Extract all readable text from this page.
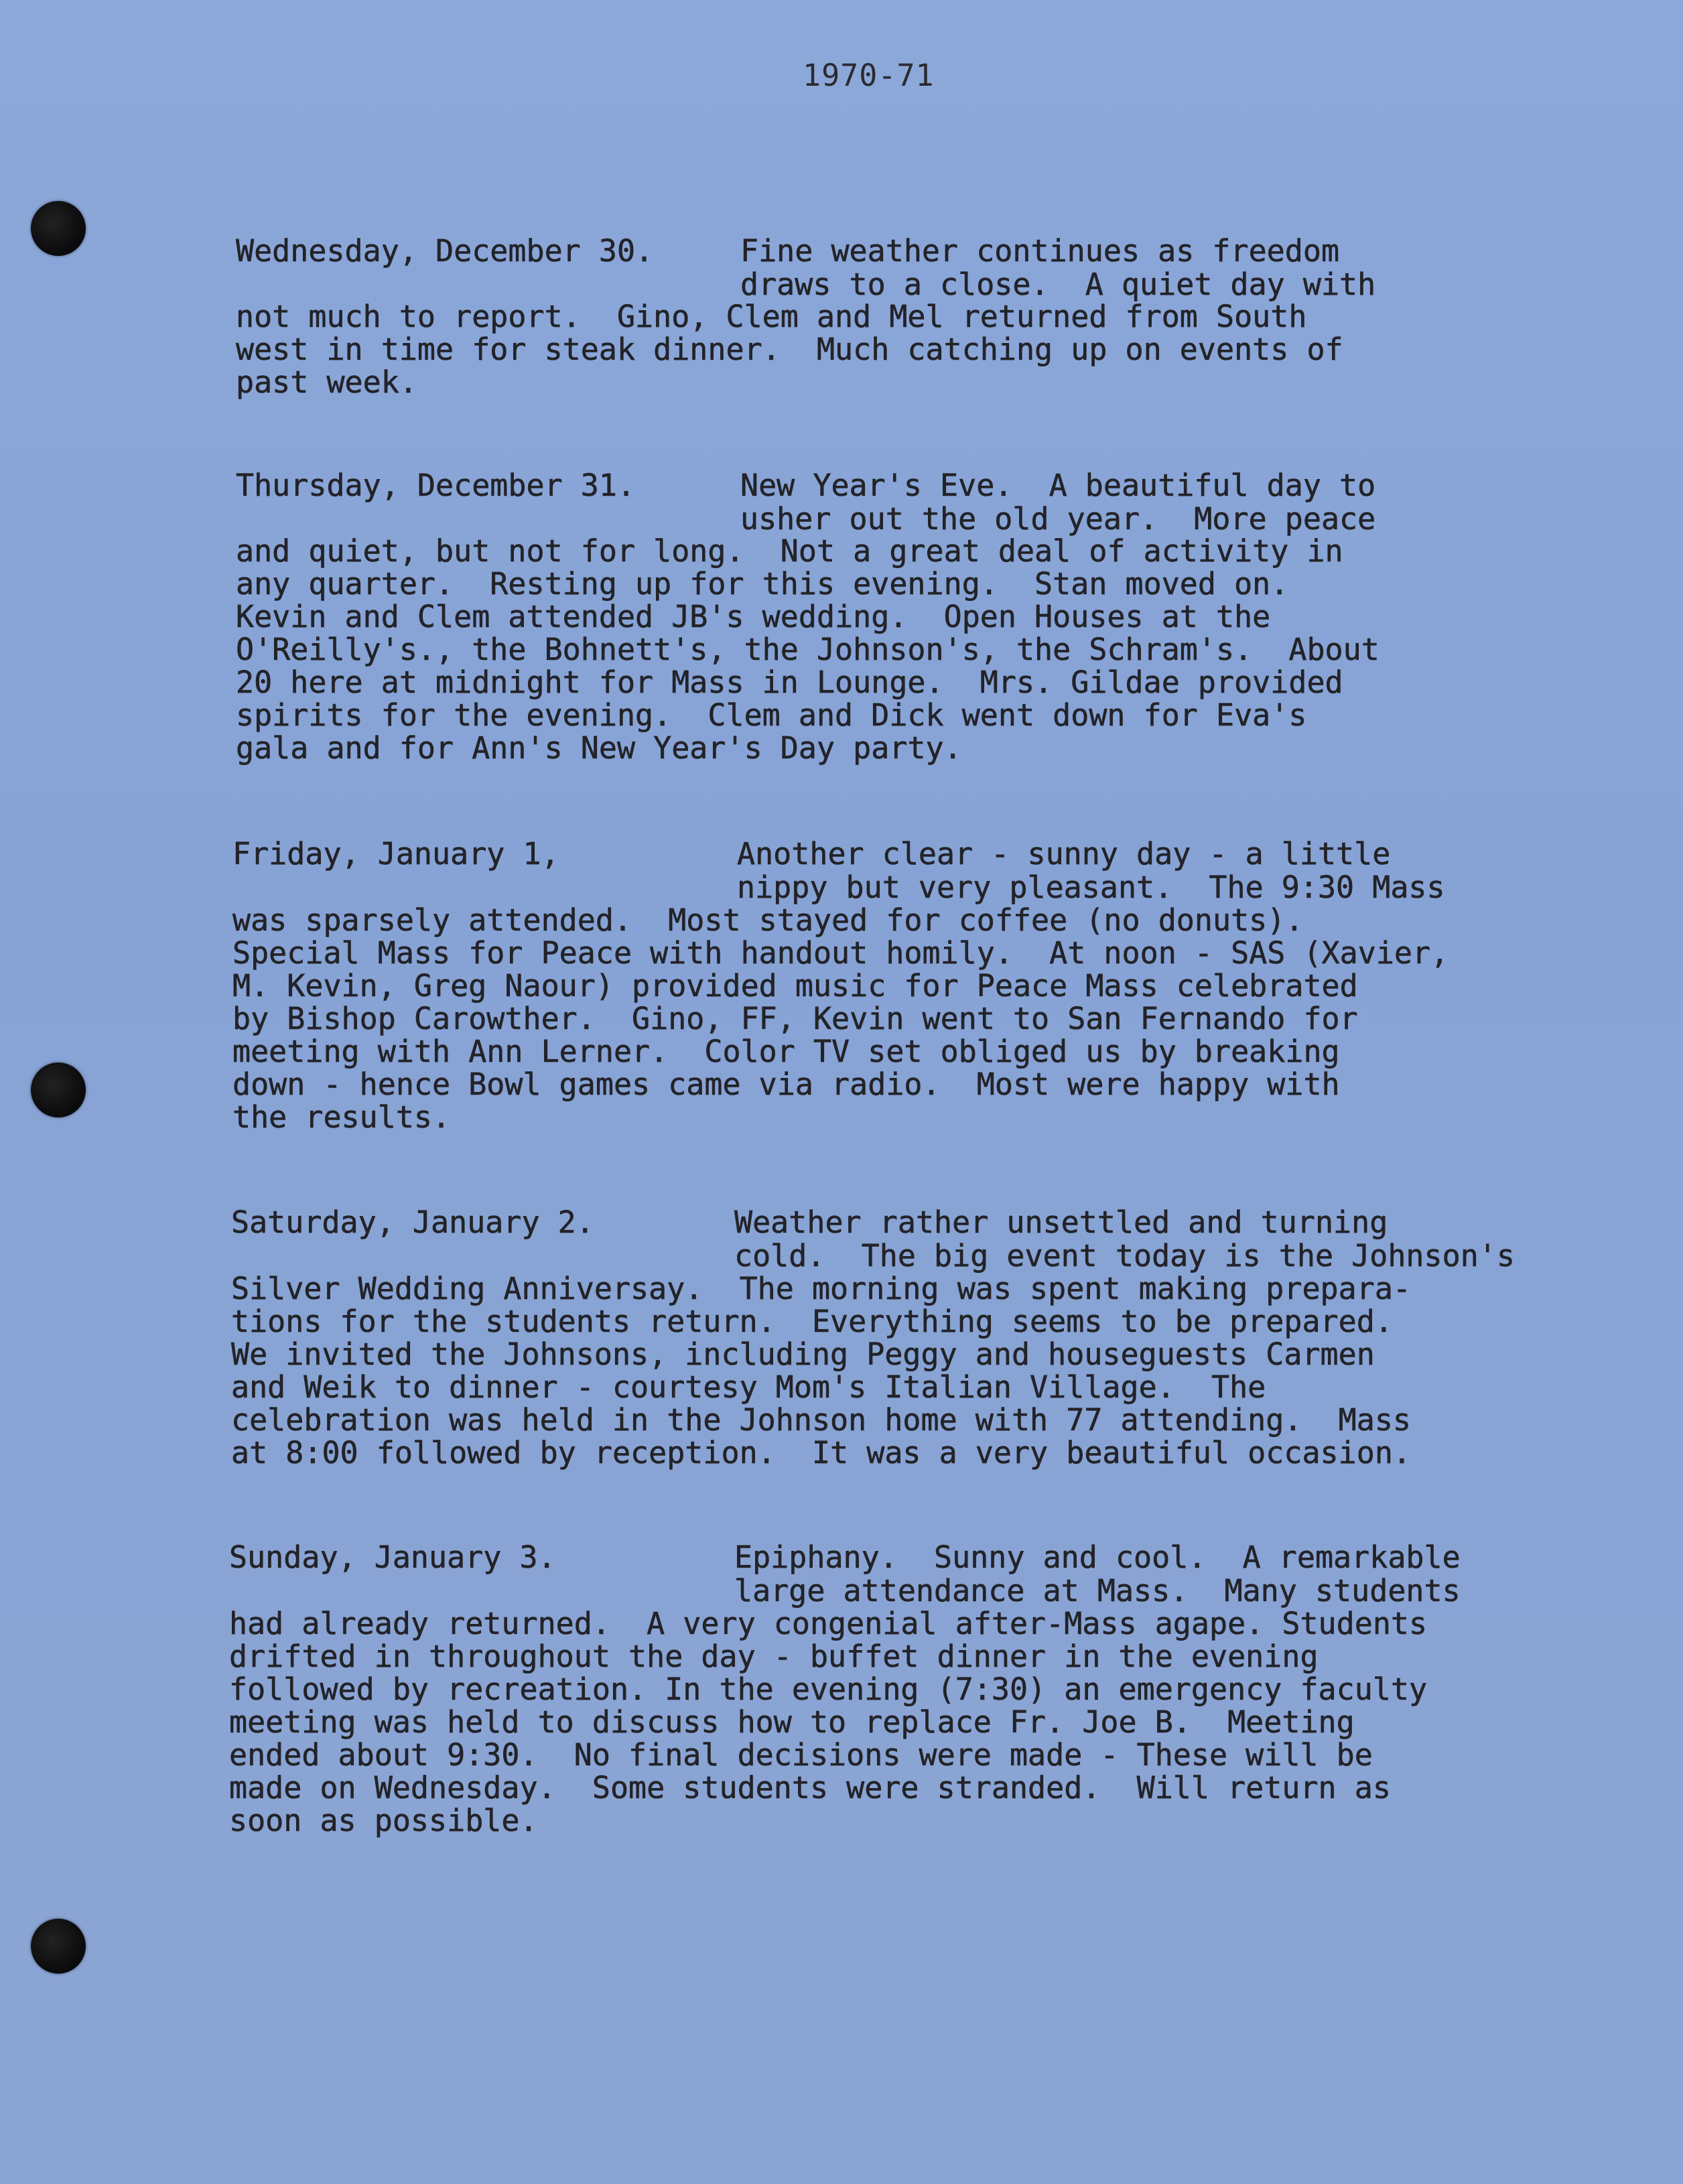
1970-71
Wednesday, December 30.	Fine weather continues as freedom
draws to a close.  A quiet day with
not much to report.  Gino, Clem and Mel returned from South
west in time for steak dinner.  Much catching up on events of
past week.
Thursday, December 31.	New Year's Eve.  A beautiful day to
usher out the old year.  More peace
and quiet, but not for long.  Not a great deal of activity in
any quarter.  Resting up for this evening.  Stan moved on.
Kevin and Clem attended JB's wedding.  Open Houses at the
O'Reilly's., the Bohnett's, the Johnson's, the Schram's.  About
20 here at midnight for Mass in Lounge.  Mrs. Gildae provided
spirits for the evening.  Clem and Dick went down for Eva's
gala and for Ann's New Year's Day party.
Friday, January 1,	Another clear - sunny day - a little
nippy but very pleasant.  The 9:30 Mass
was sparsely attended.  Most stayed for coffee (no donuts).
Special Mass for Peace with handout homily.  At noon - SAS (Xavier,
M. Kevin, Greg Naour) provided music for Peace Mass celebrated
by Bishop Carowther.  Gino, FF, Kevin went to San Fernando for
meeting with Ann Lerner.  Color TV set obliged us by breaking
down - hence Bowl games came via radio.  Most were happy with
the results.
Saturday, January 2.	Weather rather unsettled and turning
cold.  The big event today is the Johnson's
Silver Wedding Anniversay.  The morning was spent making prepara-
tions for the students return.  Everything seems to be prepared.
We invited the Johnsons, including Peggy and houseguests Carmen
and Weik to dinner - courtesy Mom's Italian Village.  The
celebration was held in the Johnson home with 77 attending.  Mass
at 8:00 followed by reception.  It was a very beautiful occasion.
Sunday, January 3.	Epiphany.  Sunny and cool.  A remarkable
large attendance at Mass.  Many students
had already returned.  A very congenial after-Mass agape. Students
drifted in throughout the day - buffet dinner in the evening
followed by recreation. In the evening (7:30) an emergency faculty
meeting was held to discuss how to replace Fr. Joe B.  Meeting
ended about 9:30.  No final decisions were made - These will be
made on Wednesday.  Some students were stranded.  Will return as
soon as possible.
